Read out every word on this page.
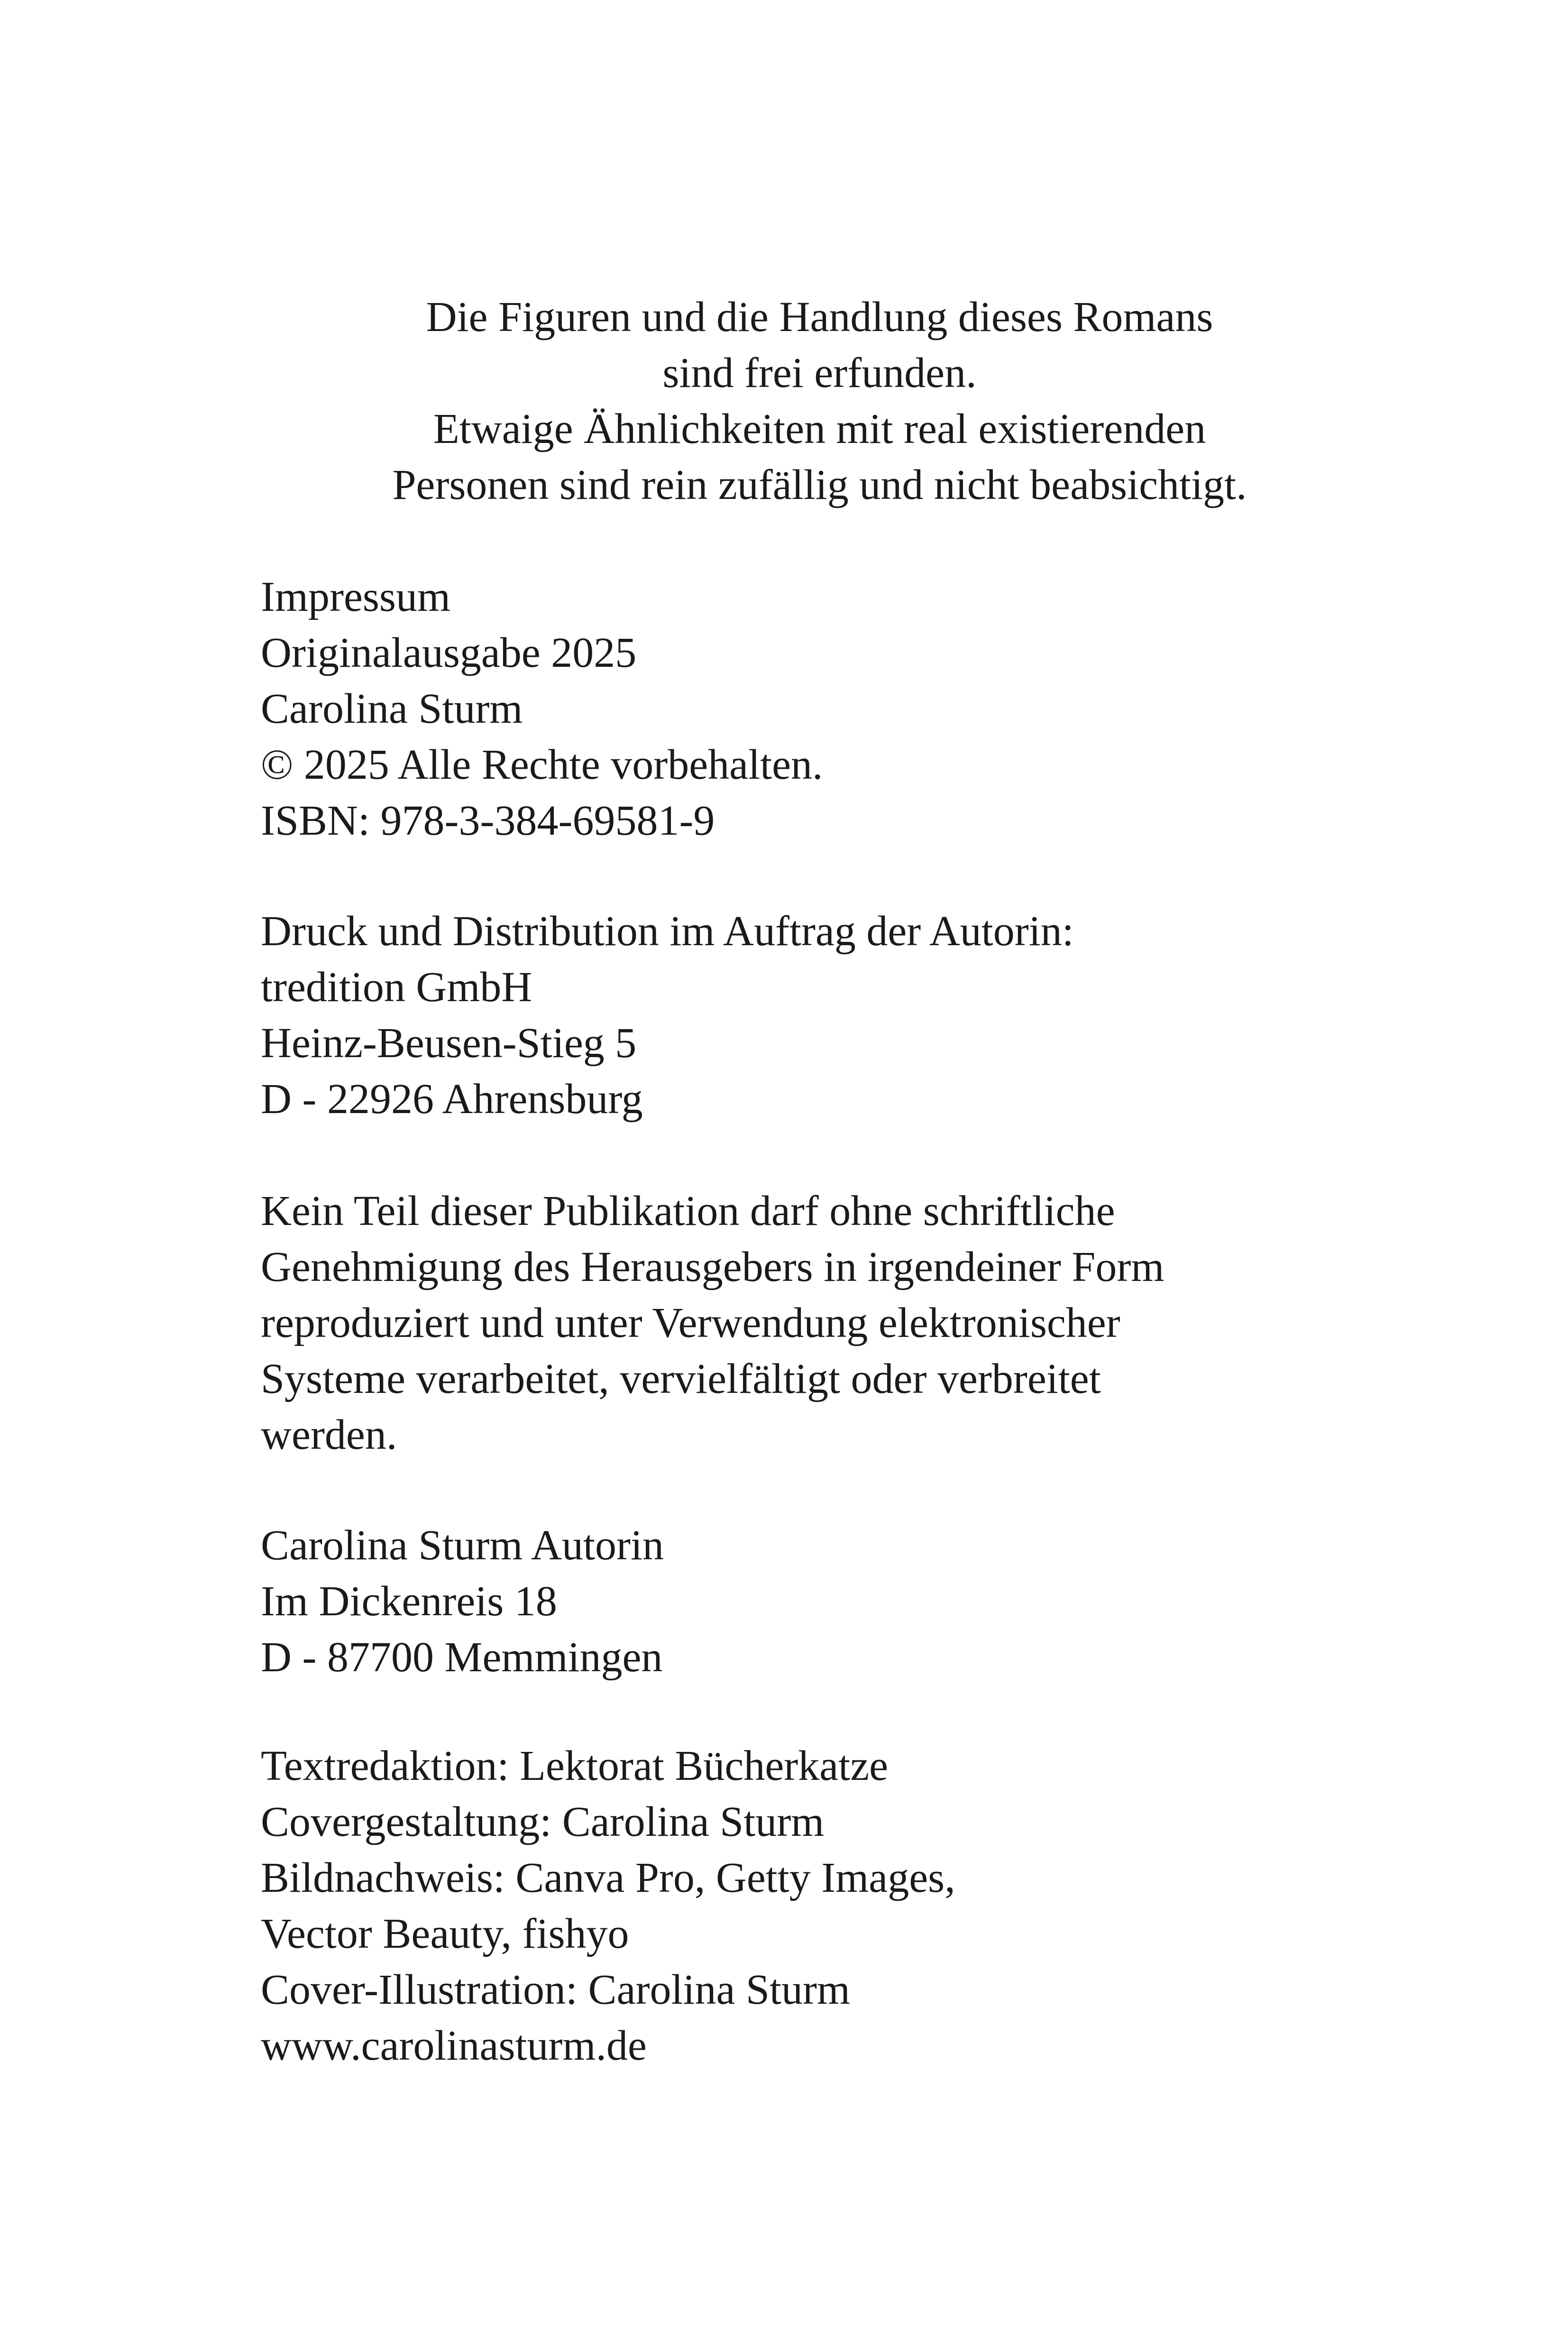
Die Figuren und die Handlung dieses Romans
sind frei erfunden.
Etwaige Ähnlichkeiten mit real existierenden
Personen sind rein zufällig und nicht beabsichtigt.
Impressum
Originalausgabe 2025
Carolina Sturm
© 2025 Alle Rechte vorbehalten.
ISBN: 978-3-384-69581-9
Druck und Distribution im Auftrag der Autorin:
tredition GmbH
Heinz-Beusen-Stieg 5
D - 22926 Ahrensburg
Kein Teil dieser Publikation darf ohne schriftliche
Genehmigung des Herausgebers in irgendeiner Form
reproduziert und unter Verwendung elektronischer
Systeme verarbeitet, vervielfältigt oder verbreitet
werden.
Carolina Sturm Autorin
Im Dickenreis 18
D - 87700 Memmingen
Textredaktion: Lektorat Bücherkatze
Covergestaltung: Carolina Sturm
Bildnachweis: Canva Pro, Getty Images,
Vector Beauty, fishyo
Cover-Illustration: Carolina Sturm
www.carolinasturm.de
